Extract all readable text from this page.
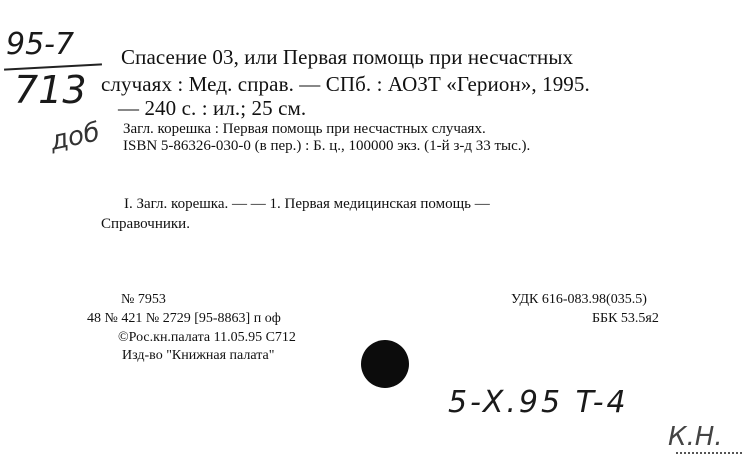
95-7
713
доб
Спасение 03, или Первая помощь при несчастных
случаях : Мед. справ. — СПб. : АОЗТ «Герион», 1995.
— 240 с. : ил.; 25 см.
Загл. корешка : Первая помощь при несчастных случаях.
ISBN 5-86326-030-0 (в пер.) : Б. ц., 100000 экз. (1-й з-д 33 тыс.).
I. Загл. корешка. — — 1. Первая медицинская помощь —
Справочники.
№ 7953
48 № 421 № 2729 [95-8863] п оф
©Рос.кн.палата 11.05.95 С712
Изд-во "Книжная палата"
УДК 616-083.98(035.5)
ББК 53.5я2
5-X.95 T-4
К.Н.
